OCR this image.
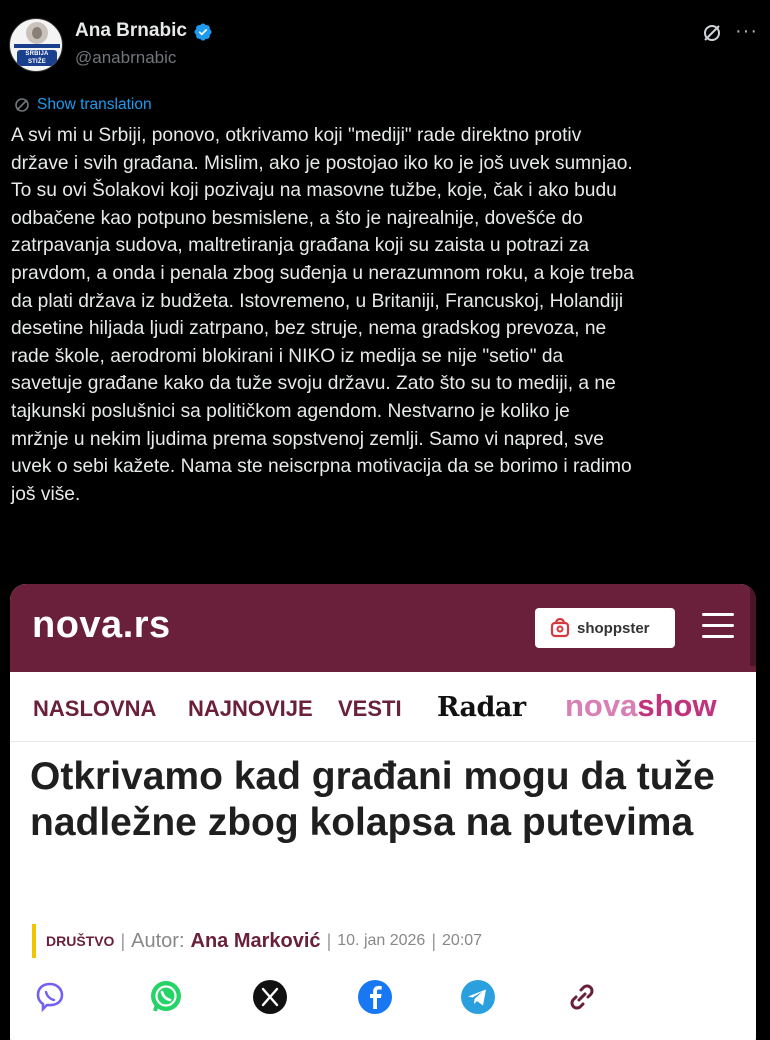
SRBIJA
STIŽE
Ana Brnabic
@anabrnabic
···
Show translation
A svi mi u Srbiji, ponovo, otkrivamo koji "mediji" rade direktno protiv
države i svih građana. Mislim, ako je postojao iko ko je još uvek sumnjao.
To su ovi Šolakovi koji pozivaju na masovne tužbe, koje, čak i ako budu
odbačene kao potpuno besmislene, a što je najrealnije, dovešće do
zatrpavanja sudova, maltretiranja građana koji su zaista u potrazi za
pravdom, a onda i penala zbog suđenja u nerazumnom roku, a koje treba
da plati država iz budžeta. Istovremeno, u Britaniji, Francuskoj, Holandiji
desetine hiljada ljudi zatrpano, bez struje, nema gradskog prevoza, ne
rade škole, aerodromi blokirani i NIKO iz medija se nije "setio" da
savetuje građane kako da tuže svoju državu. Zato što su to mediji, a ne
tajkunski poslušnici sa političkom agendom. Nestvarno je koliko je
mržnje u nekim ljudima prema sopstvenoj zemlji. Samo vi napred, sve
uvek o sebi kažete. Nama ste neiscrpna motivacija da se borimo i radimo
još više.
nova.rs	shoppster
NASLOVNA NAJNOVIJE VESTI Radar novashow
Otkrivamo kad građani mogu da tuže nadležne zbog kolapsa na putevima
DRUŠTVO | Autor: Ana Marković | 10. jan 2026 | 20:07
